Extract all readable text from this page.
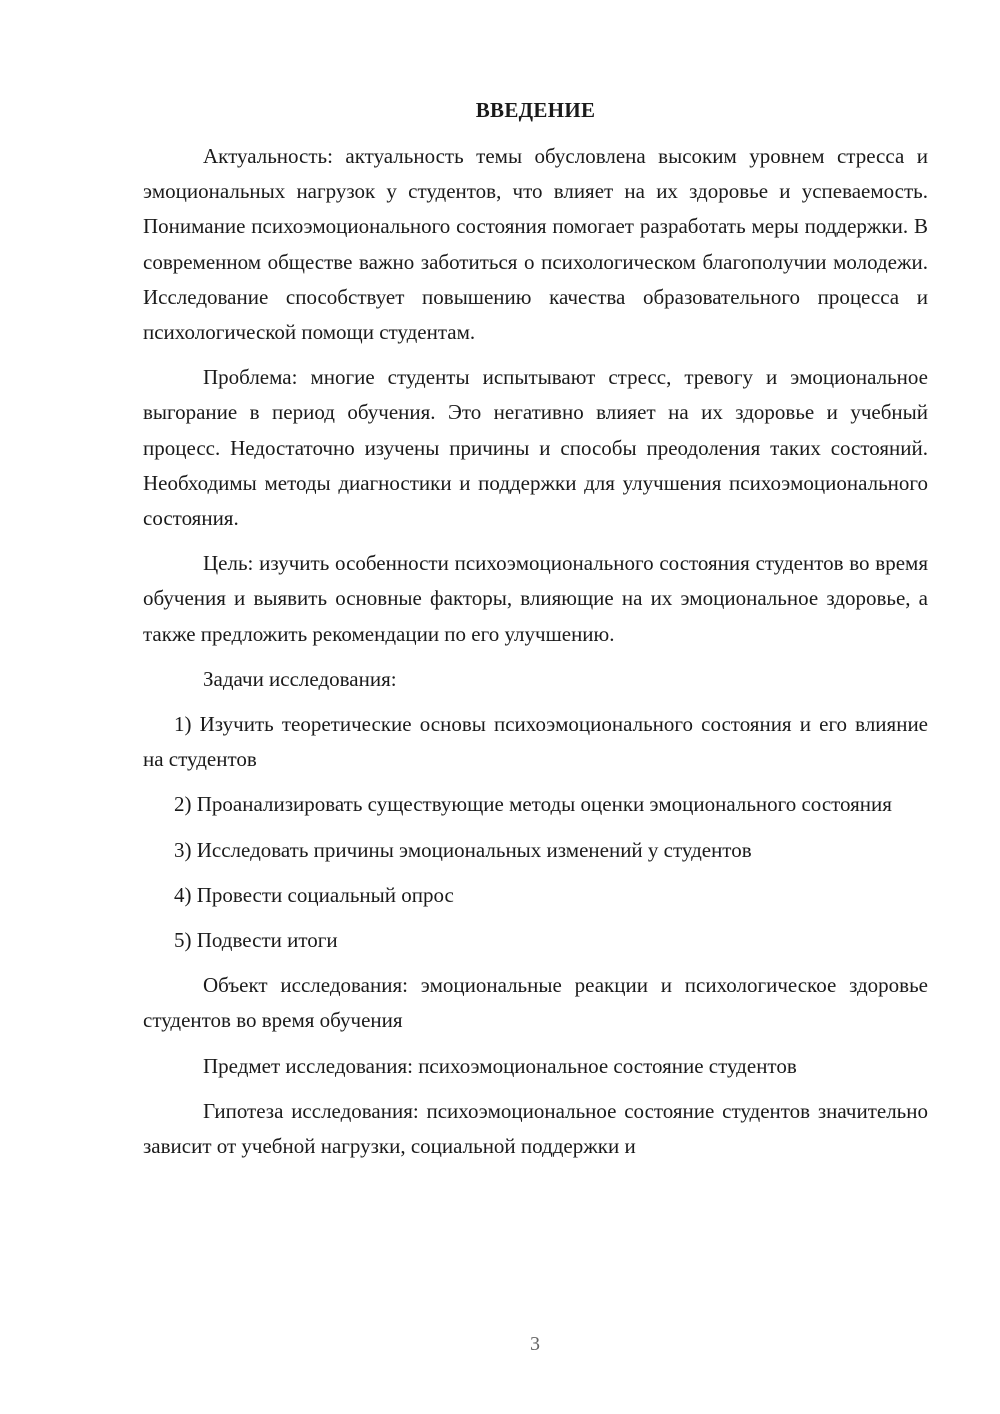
ВВЕДЕНИЕ

Актуальность: актуальность темы обусловлена высоким уровнем стресса и эмоциональных нагрузок у студентов, что влияет на их здоровье и успеваемость. Понимание психоэмоционального состояния помогает разработать меры поддержки. В современном обществе важно заботиться о психологическом благополучии молодежи. Исследование способствует повышению качества образовательного процесса и психологической помощи студентам.

Проблема: многие студенты испытывают стресс, тревогу и эмоциональное выгорание в период обучения. Это негативно влияет на их здоровье и учебный процесс. Недостаточно изучены причины и способы преодоления таких состояний. Необходимы методы диагностики и поддержки для улучшения психоэмоционального состояния.

Цель: изучить особенности психоэмоционального состояния студентов во время обучения и выявить основные факторы, влияющие на их эмоциональное здоровье, а также предложить рекомендации по его улучшению.

Задачи исследования:

1) Изучить теоретические основы психоэмоционального состояния и его влияние на студентов

2) Проанализировать существующие методы оценки эмоционального состояния

3) Исследовать причины эмоциональных изменений у студентов

4) Провести социальный опрос

5) Подвести итоги

Объект исследования: эмоциональные реакции и психологическое здоровье студентов во время обучения

Предмет исследования: психоэмоциональное состояние студентов

Гипотеза исследования: психоэмоциональное состояние студентов значительно зависит от учебной нагрузки, социальной поддержки и

3
